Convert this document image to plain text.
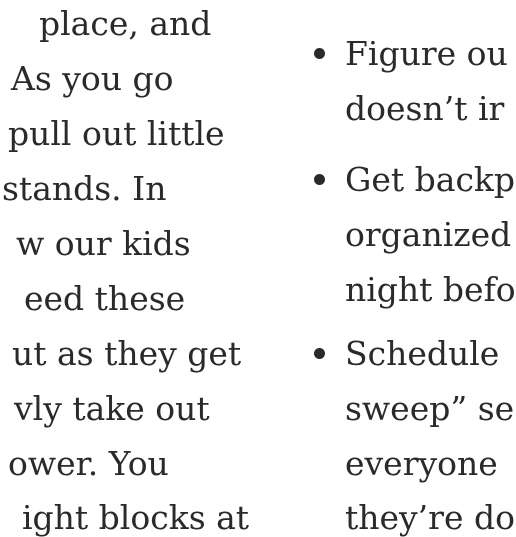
place, and
As you go
pull out little
stands. In
w our kids
eed these
ut as they get
vly take out
ower. You
ight blocks at
Figure ou
doesn’t ir
Get backp
organized
night befo
Schedule
sweep” se
everyone
they’re do
